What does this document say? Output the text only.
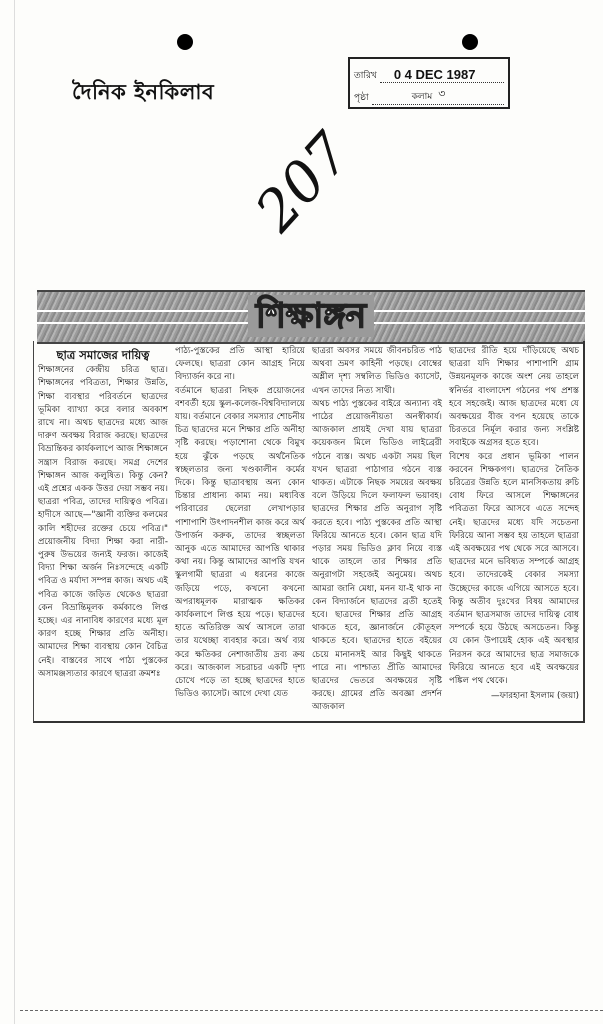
দৈনিক ইনকিলাব
তারিখ 0 4 DEC 1987
পৃষ্ঠা	কলাম ৩
207
শিক্ষাঙ্গন
ছাত্র সমাজের দায়িত্ব

শিক্ষাঙ্গনের কেন্দ্রীয় চরিত্র ছাত্র। শিক্ষাঙ্গনের পবিত্রতা, শিক্ষার উন্নতি, শিক্ষা ব্যবস্থার পরিবর্তনে ছাত্রদের ভূমিকা ব্যাখ্যা করে বলার অবকাশ রাখে না। অথচ ছাত্রদের মধ্যে আজ দারুণ অবক্ষয় বিরাজ করছে। ছাত্রদের বিভ্রান্তিকর কার্যকলাপে আজ শিক্ষাঙ্গনে সন্ত্রাস বিরাজ করছে। সমগ্র দেশের শিক্ষাঙ্গন আজ কলুষিত। কিন্তু কেন? এই প্রশ্নের একক উত্তর দেয়া সম্ভব নয়। ছাত্ররা পবিত্র, তাদের দায়িত্বও পবিত্র। হাদীসে আছে—"জ্ঞানী ব্যক্তির কলমের কালি শহীদের রক্তের চেয়ে পবিত্র।" প্রয়োজনীয় বিদ্যা শিক্ষা করা নারী-পুরুষ উভয়ের জন্যই ফরজ। কাজেই বিদ্যা শিক্ষা অর্জন নিঃসন্দেহে একটি পবিত্র ও মর্যাদা সম্পন্ন কাজ। অথচ এই পবিত্র কাজে জড়িত থেকেও ছাত্ররা কেন বিভ্রান্তিমূলক কর্মকাণ্ডে লিপ্ত হচ্ছে। এর নানাবিধ কারণের মধ্যে মূল কারণ হচ্ছে শিক্ষার প্রতি অনীহা। আমাদের শিক্ষা ব্যবস্থায় কোন বৈচিত্র নেই। বাস্তবের সাথে পাঠ্য পুস্তকের অসামঞ্জস্যতার কারণে ছাত্ররা ক্রমশঃ

পাঠ্য-পুস্তকের প্রতি আস্থা হারিয়ে ফেলছে। ছাত্ররা কোন আগ্রহ নিয়ে বিদ্যার্জন করে না।

বর্তমানে ছাত্ররা নিছক প্রয়োজনের বশবর্তী হয়ে স্কুল-কলেজ-বিশ্ববিদ্যালয়ে যায়। বর্তমানে বেকার সমস্যার শোচনীয় চিত্র ছাত্রদের মনে শিক্ষার প্রতি অনীহা সৃষ্টি করছে। পড়াশোনা থেকে বিমুখ হয়ে ঝুঁকে পড়ছে অর্থনৈতিক স্বচ্ছলতার জন্য খণ্ডকালীন কর্মের দিকে। কিন্তু ছাত্রাবস্থায় অন্য কোন চিন্তার প্রাধান্য কাম্য নয়। মধ্যবিত্ত পরিবারের ছেলেরা লেখাপড়ার পাশাপাশি উৎপাদনশীল কাজ করে অর্থ উপার্জন করুক, তাদের স্বচ্ছলতা আনুক এতে আমাদের আপত্তি থাকার কথা নয়। কিন্তু আমাদের আপত্তি যখন স্কুলগামী ছাত্ররা এ ধরনের কাজে জড়িয়ে পড়ে, কখনো কখনো অপরাধমূলক মারাত্মক ক্ষতিকর কার্যকলাপে লিপ্ত হয়ে পড়ে। ছাত্রদের হাতে অতিরিক্ত অর্থ আসলে তারা তার যথেচ্ছা ব্যবহার করে। অর্থ ব্যয় করে ক্ষতিকর নেশাজাতীয় দ্রব্য ক্রয় করে। আজকাল সচরাচর একটি দৃশ্য চোখে পড়ে তা হচ্ছে ছাত্রদের হাতে ভিডিও ক্যাসেট। আগে দেখা যেত

ছাত্ররা অবসর সময়ে জীবনচরিত পাঠ অথবা ভ্রমণ কাহিনী পড়ছে। বোম্বের অশ্লীল দৃশ্য সম্বলিত ভিডিও ক্যাসেট, এখন তাদের নিত্য সাথী।

অথচ পাঠ্য পুস্তকের বাইরে অন্যান্য বই পাঠের প্রয়োজনীয়তা অনস্বীকার্য। আজকাল প্রায়ই দেখা যায় ছাত্ররা কয়েকজন মিলে ভিডিও লাইব্রেরী গঠনে ব্যস্ত। অথচ একটা সময় ছিল যখন ছাত্ররা পাঠাগার গঠনে ব্যস্ত থাকত। এটাকে নিছক সময়ের অবক্ষয় বলে উড়িয়ে দিলে ফলাফল ভয়াবহ। ছাত্রদের শিক্ষার প্রতি অনুরাগ সৃষ্টি করতে হবে। পাঠ্য পুস্তকের প্রতি আস্থা ফিরিয়ে আনতে হবে। কোন ছাত্র যদি পড়ার সময় ভিডিও ক্লাব নিয়ে ব্যস্ত থাকে তাহলে তার শিক্ষার প্রতি অনুরাগটা সহজেই অনুমেয়। অথচ আমরা জানি মেধা, মনন যা-ই থাক না কেন বিদ্যার্জনে ছাত্রদের ব্রতী হতেই হবে। ছাত্রদের শিক্ষার প্রতি আগ্রহ থাকতে হবে, জ্ঞানার্জনে কৌতূহল থাকতে হবে। ছাত্রদের হাতে বইয়ের চেয়ে মানানসই আর কিছুই থাকতে পারে না। পাশ্চাত্য প্রীতি আমাদের ছাত্রদের ভেতরে অবক্ষয়ের সৃষ্টি করছে। গ্রামের প্রতি অবজ্ঞা প্রদর্শন আজকাল

ছাত্রদের রীতি হয়ে দাঁড়িয়েছে অথচ ছাত্ররা যদি শিক্ষার পাশাপাশি গ্রাম উন্নয়নমূলক কাজে অংশ নেয় তাহলে স্বনির্ভর বাংলাদেশ গঠনের পথ প্রশস্ত হবে সহজেই। আজ ছাত্রদের মধ্যে যে অবক্ষয়ের বীজ বপন হয়েছে তাকে চিরতরে নির্মূল করার জন্য সংশ্লিষ্ট সবাইকে অগ্রসর হতে হবে।

বিশেষ করে প্রধান ভূমিকা পালন করবেন শিক্ষকগণ। ছাত্রদের নৈতিক চরিত্রের উন্নতি হলে মানসিকতায় রুচি বোধ ফিরে আসলে শিক্ষাঙ্গনের পবিত্রতা ফিরে আসবে এতে সন্দেহ নেই। ছাত্রদের মধ্যে যদি সচেতনা ফিরিয়ে আনা সম্ভব হয় তাহলে ছাত্ররা এই অবক্ষয়ের পথ থেকে সরে আসবে। ছাত্রদের মনে ভবিষ্যত সম্পর্কে আগ্রহ হবে। তাদেরকেই বেকার সমস্যা উচ্ছেদের কাজে এগিয়ে আসতে হবে। কিন্তু অতীব দুঃখের বিষয় আমাদের বর্তমান ছাত্রসমাজ তাদের দায়িত্ব বোধ সম্পর্কে হয়ে উঠছে অসচেতন। কিন্তু যে কোন উপায়েই হোক এই অবস্থার নিরসন করে আমাদের ছাত্র সমাজকে ফিরিয়ে আনতে হবে এই অবক্ষয়ের পঙ্কিল পথ থেকে।

—ফারহানা ইসলাম (জয়া)
